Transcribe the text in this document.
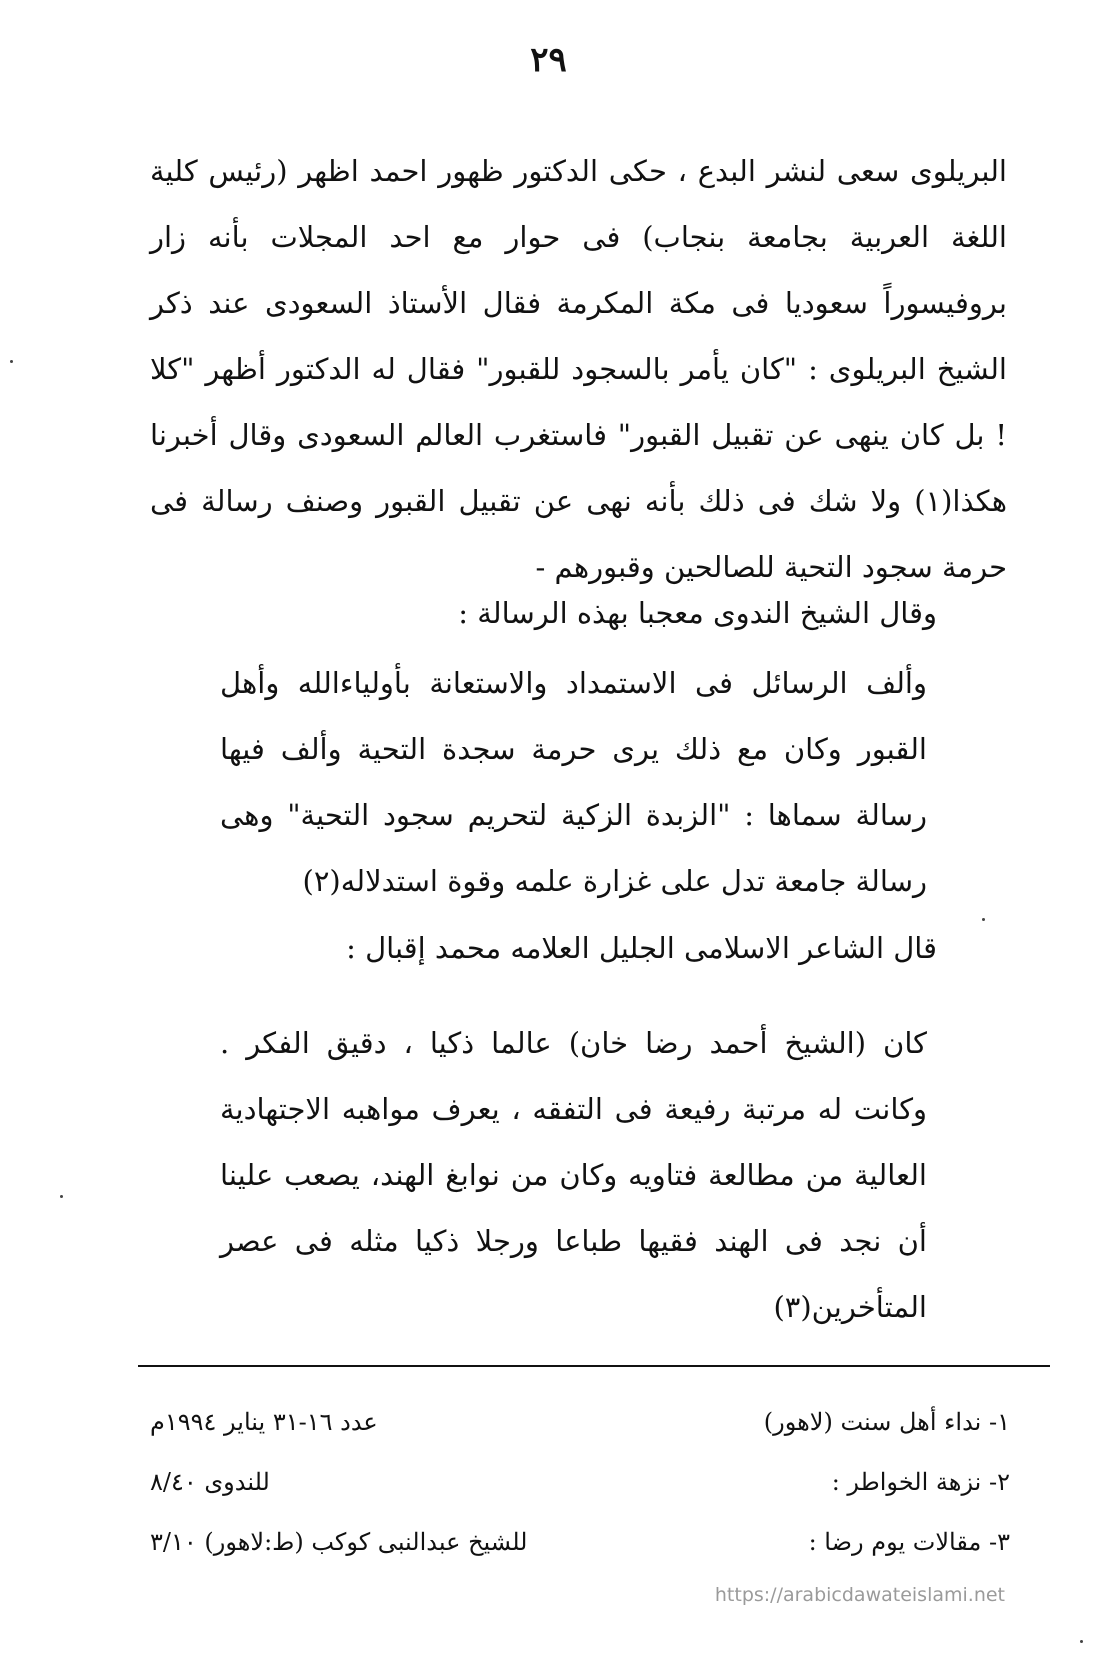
٢٩

البريلوى سعى لنشر البدع ، حكى الدكتور ظهور احمد اظهر (رئيس كلية اللغة العربية بجامعة بنجاب) فى حوار مع احد المجلات بأنه زار بروفيسوراً سعوديا فى مكة المكرمة فقال الأستاذ السعودى عند ذكر الشيخ البريلوى : "كان يأمر بالسجود للقبور" فقال له الدكتور أظهر "كلا ! بل كان ينهى عن تقبيل القبور" فاستغرب العالم السعودى وقال أخبرنا هكذا(١) ولا شك فى ذلك بأنه نهى عن تقبيل القبور وصنف رسالة فى حرمة سجود التحية للصالحين وقبورهم -

وقال الشيخ الندوى معجبا بهذه الرسالة :

وألف الرسائل فى الاستمداد والاستعانة بأولياءالله وأهل القبور وكان مع ذلك يرى حرمة سجدة التحية وألف فيها رسالة سماها : "الزبدة الزكية لتحريم سجود التحية" وهى رسالة جامعة تدل على غزارة علمه وقوة استدلاله(٢)

قال الشاعر الاسلامى الجليل العلامه محمد إقبال :

كان (الشيخ أحمد رضا خان) عالما ذكيا ، دقيق الفكر . وكانت له مرتبة رفيعة فى التفقه ، يعرف مواهبه الاجتهادية العالية من مطالعة فتاويه وكان من نوابغ الهند، يصعب علينا أن نجد فى الهند فقيها طباعا ورجلا ذكيا مثله فى عصر المتأخرين(٣)

١- نداء أهل سنت (لاهور)
عدد ١٦-٣١ يناير ١٩٩٤م
٢- نزهة الخواطر :
للندوى ٨/٤٠
٣- مقالات يوم رضا :
للشيخ عبدالنبى كوكب (ط:لاهور) ٣/١٠
https://arabicdawateislami.net
